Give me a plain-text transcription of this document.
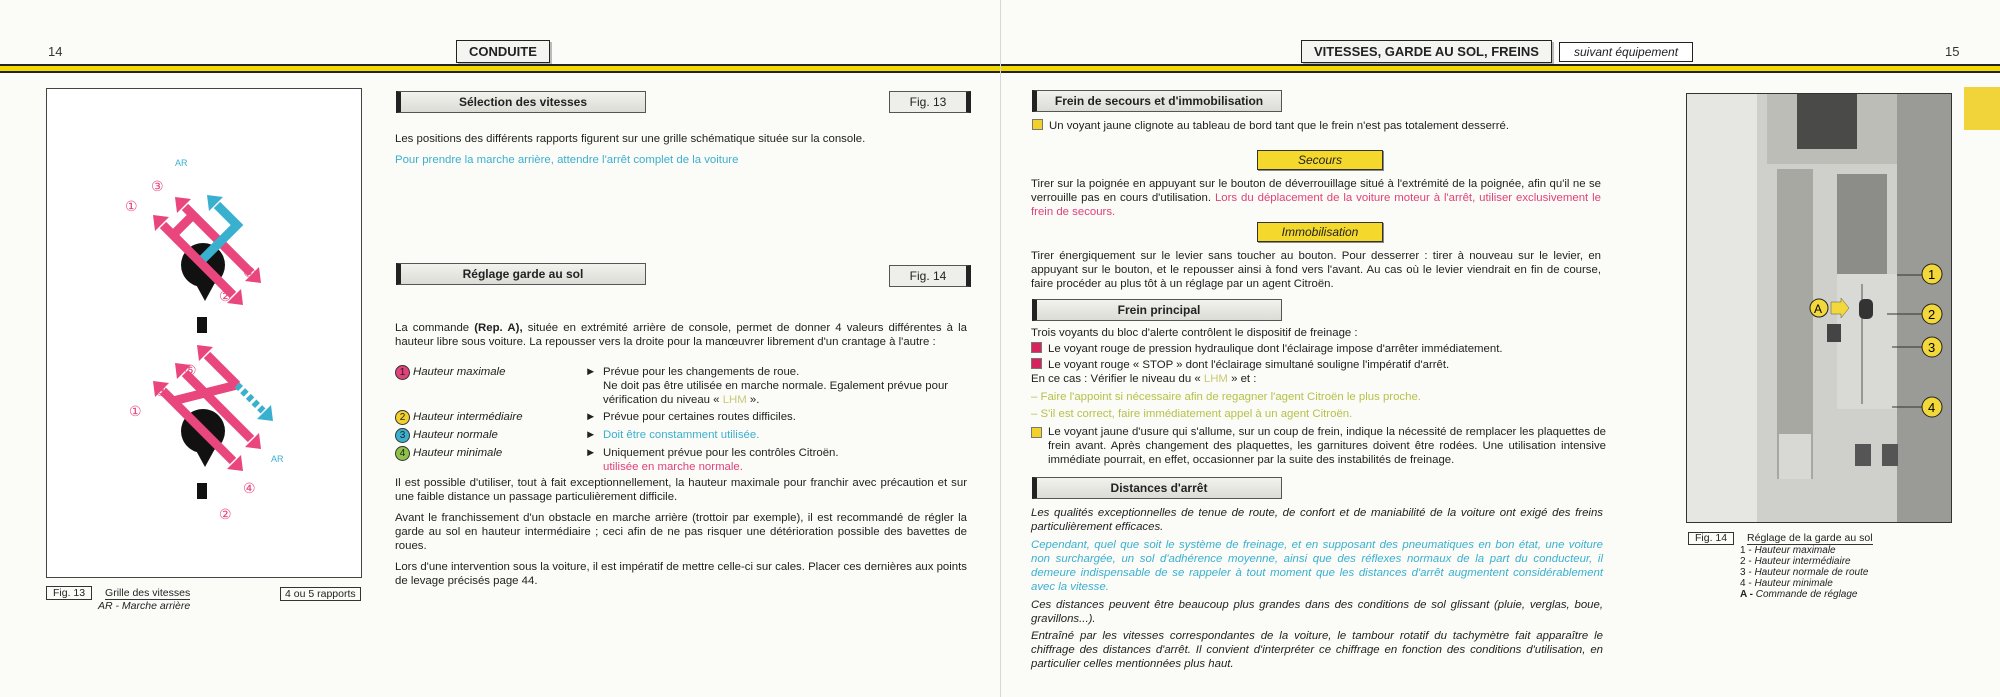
14	CONDUITE
AR
③
①
④
②
⑤
③
①
AR
④
②
Fig. 13 Grille des vitesses
AR - Marche arrière
4 ou 5 rapports
Sélection des vitesses	Fig. 13
Les positions des différents rapports figurent sur une grille schématique située sur la console.
Pour prendre la marche arrière, attendre l'arrêt complet de la voiture
Réglage garde au sol	Fig. 14
La commande (Rep. A), située en extrémité arrière de console, permet de donner 4 valeurs différentes à la hauteur libre sous voiture. La repousser vers la droite pour la manœuvrer librement d'un crantage à l'autre :
1 Hauteur maximale	► Prévue pour les changements de roue.
Ne doit pas être utilisée en marche normale. Egalement prévue pour vérification du niveau « LHM ».
2 Hauteur intermédiaire	► Prévue pour certaines routes difficiles.
3 Hauteur normale	► Doit être constamment utilisée.
4 Hauteur minimale	► Uniquement prévue pour les contrôles Citroën.
utilisée en marche normale.
Il est possible d'utiliser, tout à fait exceptionnellement, la hauteur maximale pour franchir avec précaution et sur une faible distance un passage particulièrement difficile.
Avant le franchissement d'un obstacle en marche arrière (trottoir par exemple), il est recommandé de régler la garde au sol en hauteur intermédiaire ; ceci afin de ne pas risquer une détérioration possible des bavettes de roues.
Lors d'une intervention sous la voiture, il est impératif de mettre celle-ci sur cales. Placer ces dernières aux points de levage précisés page 44.
VITESSES, GARDE AU SOL, FREINS	suivant équipement	15
Frein de secours et d'immobilisation
Un voyant jaune clignote au tableau de bord tant que le frein n'est pas totalement desserré.
Secours
Tirer sur la poignée en appuyant sur le bouton de déverrouillage situé à l'extrémité de la poignée, afin qu'il ne se verrouille pas en cours d'utilisation. Lors du déplacement de la voiture moteur à l'arrêt, utiliser exclusivement le frein de secours.
Immobilisation
Tirer énergiquement sur le levier sans toucher au bouton. Pour desserrer : tirer à nouveau sur le levier, en appuyant sur le bouton, et le repousser ainsi à fond vers l'avant. Au cas où le levier viendrait en fin de course, faire procéder au plus tôt à un réglage par un agent Citroën.
Frein principal
Trois voyants du bloc d'alerte contrôlent le dispositif de freinage :
Le voyant rouge de pression hydraulique dont l'éclairage impose d'arrêter immédiatement.
Le voyant rouge « STOP » dont l'éclairage simultané souligne l'impératif d'arrêt.
En ce cas : Vérifier le niveau du « LHM » et :
– Faire l'appoint si nécessaire afin de regagner l'agent Citroën le plus proche.
– S'il est correct, faire immédiatement appel à un agent Citroën.
Le voyant jaune d'usure qui s'allume, sur un coup de frein, indique la nécessité de remplacer les plaquettes de frein avant. Après changement des plaquettes, les garnitures doivent être rodées. Une utilisation intensive immédiate pourrait, en effet, occasionner par la suite des instabilités de freinage.
Distances d'arrêt
Les qualités exceptionnelles de tenue de route, de confort et de maniabilité de la voiture ont exigé des freins particulièrement efficaces.
Cependant, quel que soit le système de freinage, et en supposant des pneumatiques en bon état, une voiture non surchargée, un sol d'adhérence moyenne, ainsi que des réflexes normaux de la part du conducteur, il demeure indispensable de se rappeler à tout moment que les distances d'arrêt augmentent considérablement avec la vitesse.
Ces distances peuvent être beaucoup plus grandes dans des conditions de sol glissant (pluie, verglas, boue, gravillons...).
Entraîné par les vitesses correspondantes de la voiture, le tambour rotatif du tachymètre fait apparaître le chiffrage des distances d'arrêt. Il convient d'interpréter ce chiffrage en fonction des conditions d'utilisation, en particulier celles mentionnées plus haut.
1
2
3
4
A
Fig. 14 Réglage de la garde au sol
1 - Hauteur maximale
2 - Hauteur intermédiaire
3 - Hauteur normale de route
4 - Hauteur minimale
A - Commande de réglage
